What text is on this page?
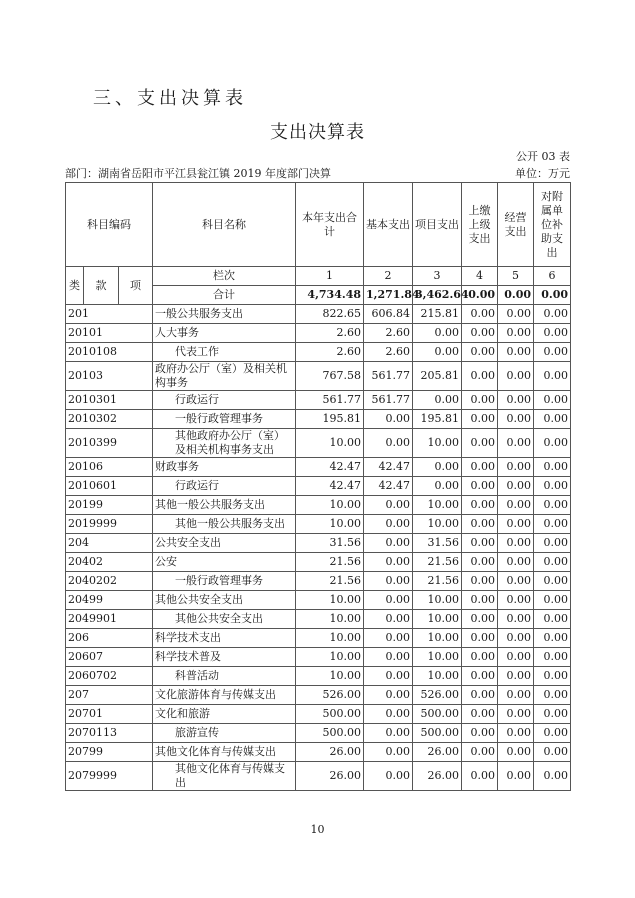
三、支出决算表
支出决算表
公开 03 表
部门：湖南省岳阳市平江县瓮江镇 2019 年度部门决算	单位：万元
科目编码			科目名称	本年支出合计	基本支出	项目支出	上缴上级支出	经营支出	对附属单位补助支出
类	款	项	栏次	1	2	3	4	5	6
			合计	4,734.48	1,271.84	3,462.64	0.00	0.00	0.00
201			一般公共服务支出	822.65	606.84	215.81	0.00	0.00	0.00
20101			人大事务	2.60	2.60	0.00	0.00	0.00	0.00
2010108			代表工作	2.60	2.60	0.00	0.00	0.00	0.00
20103			政府办公厅（室）及相关机构事务	767.58	561.77	205.81	0.00	0.00	0.00
2010301			行政运行	561.77	561.77	0.00	0.00	0.00	0.00
2010302			一般行政管理事务	195.81	0.00	195.81	0.00	0.00	0.00
2010399			其他政府办公厅（室）及相关机构事务支出	10.00	0.00	10.00	0.00	0.00	0.00
20106			财政事务	42.47	42.47	0.00	0.00	0.00	0.00
2010601			行政运行	42.47	42.47	0.00	0.00	0.00	0.00
20199			其他一般公共服务支出	10.00	0.00	10.00	0.00	0.00	0.00
2019999			其他一般公共服务支出	10.00	0.00	10.00	0.00	0.00	0.00
204			公共安全支出	31.56	0.00	31.56	0.00	0.00	0.00
20402			公安	21.56	0.00	21.56	0.00	0.00	0.00
2040202			一般行政管理事务	21.56	0.00	21.56	0.00	0.00	0.00
20499			其他公共安全支出	10.00	0.00	10.00	0.00	0.00	0.00
2049901			其他公共安全支出	10.00	0.00	10.00	0.00	0.00	0.00
206			科学技术支出	10.00	0.00	10.00	0.00	0.00	0.00
20607			科学技术普及	10.00	0.00	10.00	0.00	0.00	0.00
2060702			科普活动	10.00	0.00	10.00	0.00	0.00	0.00
207			文化旅游体育与传媒支出	526.00	0.00	526.00	0.00	0.00	0.00
20701			文化和旅游	500.00	0.00	500.00	0.00	0.00	0.00
2070113			旅游宣传	500.00	0.00	500.00	0.00	0.00	0.00
20799			其他文化体育与传媒支出	26.00	0.00	26.00	0.00	0.00	0.00
2079999			其他文化体育与传媒支出	26.00	0.00	26.00	0.00	0.00	0.00
10
